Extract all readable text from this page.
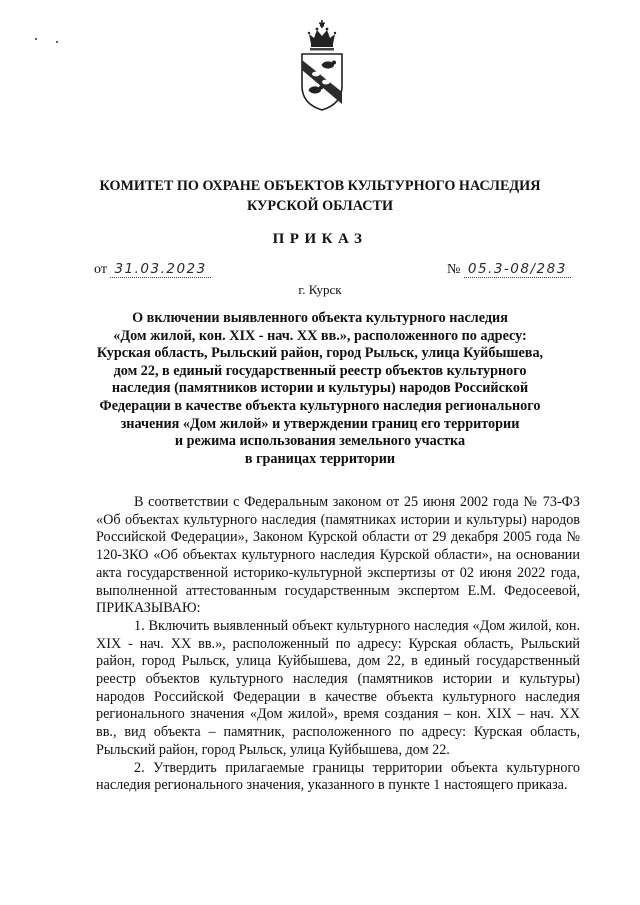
КОМИТЕТ ПО ОХРАНЕ ОБЪЕКТОВ КУЛЬТУРНОГО НАСЛЕДИЯ
КУРСКОЙ ОБЛАСТИ
ПРИКАЗ
от 31.03.2023	№ 05.3-08/283
г. Курск
О включении выявленного объекта культурного наследия
«Дом жилой, кон. XIX - нач. XX вв.», расположенного по адресу:
Курская область, Рыльский район, город Рыльск, улица Куйбышева,
дом 22, в единый государственный реестр объектов культурного
наследия (памятников истории и культуры) народов Российской
Федерации в качестве объекта культурного наследия регионального
значения «Дом жилой» и утверждении границ его территории
и режима использования земельного участка
в границах территории

В соответствии с Федеральным законом от 25 июня 2002 года № 73-ФЗ «Об объектах культурного наследия (памятниках истории и культуры) народов Российской Федерации», Законом Курской области от 29 декабря 2005 года № 120-ЗКО «Об объектах культурного наследия Курской области», на основании акта государственной историко-культурной экспертизы от 02 июня 2022 года, выполненной аттестованным государственным экспертом Е.М. Федосеевой, ПРИКАЗЫВАЮ:

1. Включить выявленный объект культурного наследия «Дом жилой, кон. XIX - нач. XX вв.», расположенный по адресу: Курская область, Рыльский район, город Рыльск, улица Куйбышева, дом 22, в единый государственный реестр объектов культурного наследия (памятников истории и культуры) народов Российской Федерации в качестве объекта культурного наследия регионального значения «Дом жилой», время создания – кон. XIX – нач. XX вв., вид объекта – памятник, расположенного по адресу: Курская область, Рыльский район, город Рыльск, улица Куйбышева, дом 22.

2. Утвердить прилагаемые границы территории объекта культурного наследия регионального значения, указанного в пункте 1 настоящего приказа.
